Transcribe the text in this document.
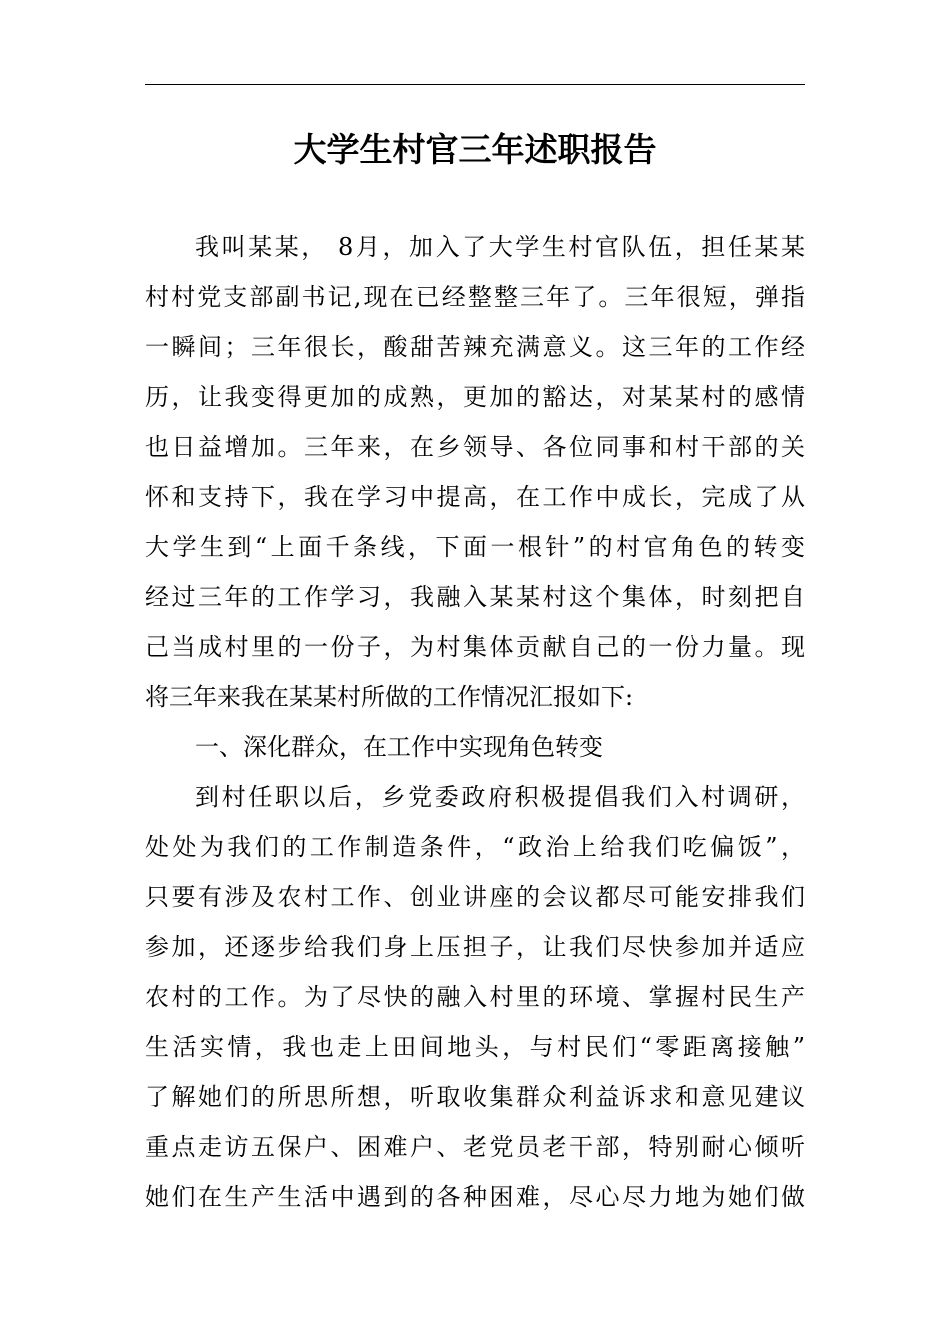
大学生村官三年述职报告
我叫某某， 8月，加入了大学生村官队伍，担任某某
村村党支部副书记,现在已经整整三年了。三年很短，弹指
一瞬间；三年很长，酸甜苦辣充满意义。这三年的工作经
历，让我变得更加的成熟，更加的豁达，对某某村的感情
也日益增加。三年来，在乡领导、各位同事和村干部的关
怀和支持下，我在学习中提高，在工作中成长，完成了从
大学生到“上面千条线，下面一根针”的村官角色的转变
经过三年的工作学习，我融入某某村这个集体，时刻把自
己当成村里的一份子，为村集体贡献自己的一份力量。现
将三年来我在某某村所做的工作情况汇报如下:
一、深化群众，在工作中实现角色转变
到村任职以后，乡党委政府积极提倡我们入村调研，
处处为我们的工作制造条件，“政治上给我们吃偏饭”，
只要有涉及农村工作、创业讲座的会议都尽可能安排我们
参加，还逐步给我们身上压担子，让我们尽快参加并适应
农村的工作。为了尽快的融入村里的环境、掌握村民生产
生活实情，我也走上田间地头，与村民们“零距离接触”
了解她们的所思所想，听取收集群众利益诉求和意见建议
重点走访五保户、困难户、老党员老干部，特别耐心倾听
她们在生产生活中遇到的各种困难，尽心尽力地为她们做
